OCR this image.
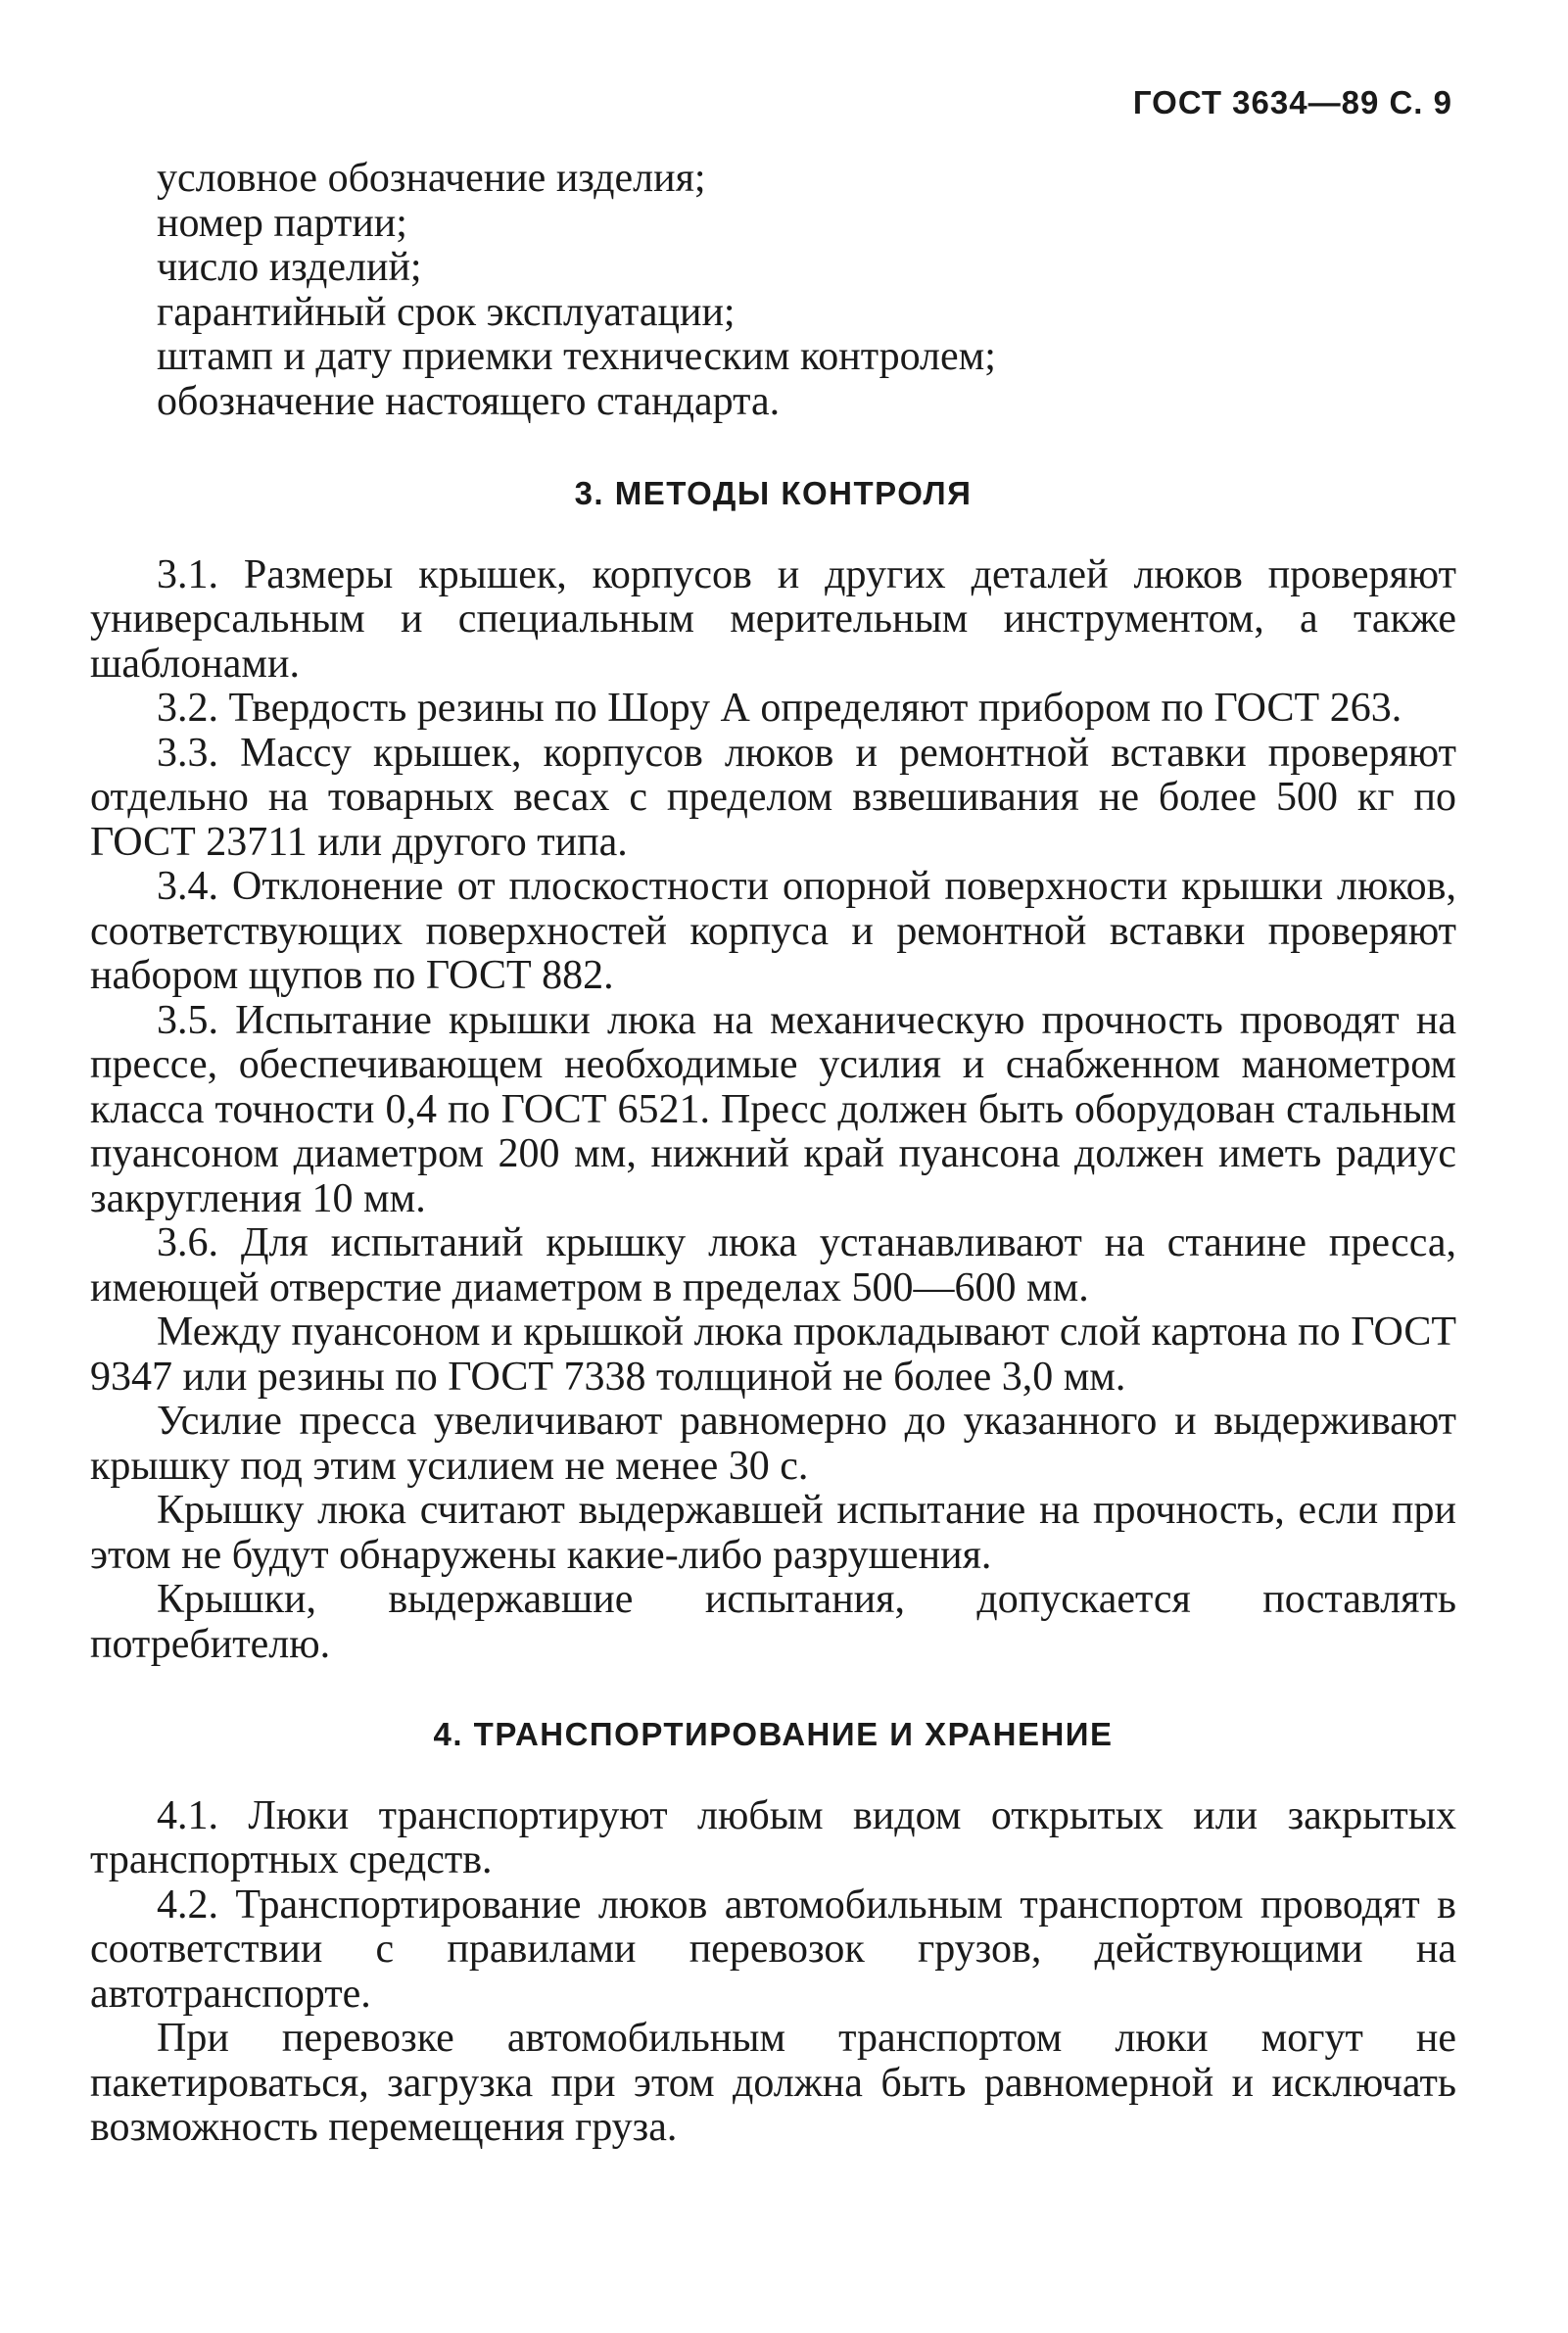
ГОСТ 3634—89 С. 9

условное обозначение изделия;

номер партии;

число изделий;

гарантийный срок эксплуатации;

штамп и дату приемки техническим контролем;

обозначение настоящего стандарта.

3. МЕТОДЫ КОНТРОЛЯ

3.1. Размеры крышек, корпусов и других деталей люков проверяют универсальным и специальным мерительным инструментом, а также шаблонами.

3.2. Твердость резины по Шору А определяют прибором по ГОСТ 263.

3.3. Массу крышек, корпусов люков и ремонтной вставки проверяют отдельно на товарных весах с пределом взвешивания не более 500 кг по ГОСТ 23711 или другого типа.

3.4. Отклонение от плоскостности опорной поверхности крышки люков, соответствующих поверхностей корпуса и ремонтной вставки проверяют набором щупов по ГОСТ 882.

3.5. Испытание крышки люка на механическую прочность проводят на прессе, обеспечивающем необходимые усилия и снабженном манометром класса точности 0,4 по ГОСТ 6521. Пресс должен быть оборудован стальным пуансоном диаметром 200 мм, нижний край пуансона должен иметь радиус закругления 10 мм.

3.6. Для испытаний крышку люка устанавливают на станине пресса, имеющей отверстие диаметром в пределах 500—600 мм.

Между пуансоном и крышкой люка прокладывают слой картона по ГОСТ 9347 или резины по ГОСТ 7338 толщиной не более 3,0 мм.

Усилие пресса увеличивают равномерно до указанного и выдерживают крышку под этим усилием не менее 30 с.

Крышку люка считают выдержавшей испытание на прочность, если при этом не будут обнаружены какие-либо разрушения.

Крышки, выдержавшие испытания, допускается поставлять потребителю.

4. ТРАНСПОРТИРОВАНИЕ И ХРАНЕНИЕ

4.1. Люки транспортируют любым видом открытых или закрытых транспортных средств.

4.2. Транспортирование люков автомобильным транспортом проводят в соответствии с правилами перевозок грузов, действующими на автотранспорте.

При перевозке автомобильным транспортом люки могут не пакетироваться, загрузка при этом должна быть равномерной и исключать возможность перемещения груза.
